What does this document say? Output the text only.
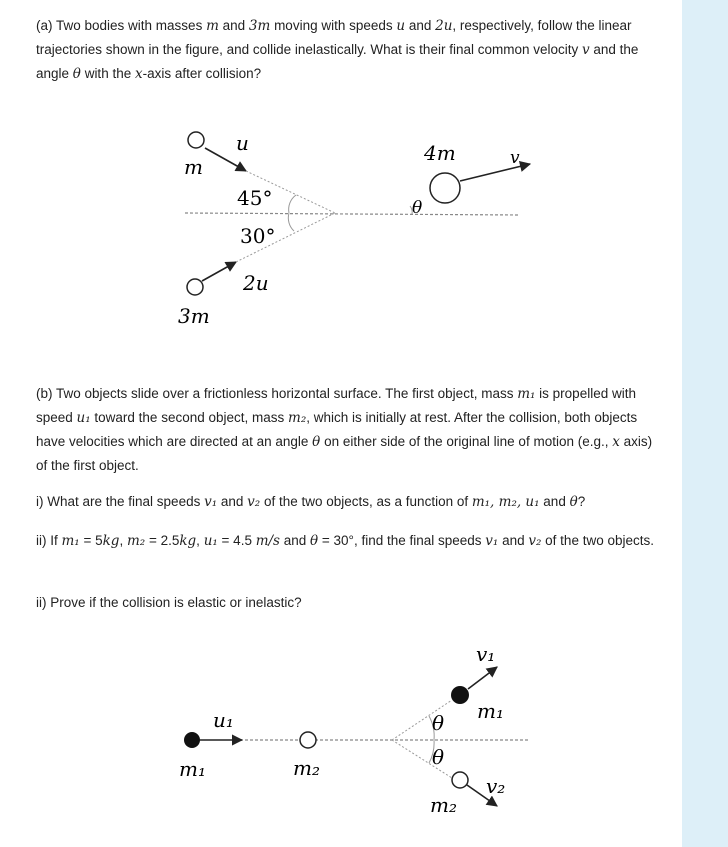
(a) Two bodies with masses m and 3m moving with speeds u and 2u, respectively, follow the linear trajectories shown in the figure, and collide inelastically. What is their final common velocity v and the angle θ with the x-axis after collision?
m
u
45°
30°
2u
3m
4m	v
θ
(b) Two objects slide over a frictionless horizontal surface. The first object, mass m₁ is propelled with speed u₁ toward the second object, mass m₂, which is initially at rest. After the collision, both objects have velocities which are directed at an angle θ on either side of the original line of motion (e.g., x axis) of the first object.
i) What are the final speeds v₁ and v₂ of the two objects, as a function of m₁, m₂, u₁ and θ?
ii) If m₁ = 5kg, m₂ = 2.5kg, u₁ = 4.5 m/s and θ = 30°, find the final speeds v₁ and v₂ of the two objects.
ii) Prove if the collision is elastic or inelastic?
u₁
m₁	m₂
v₁
m₁
θ
θ
v₂
m₂
